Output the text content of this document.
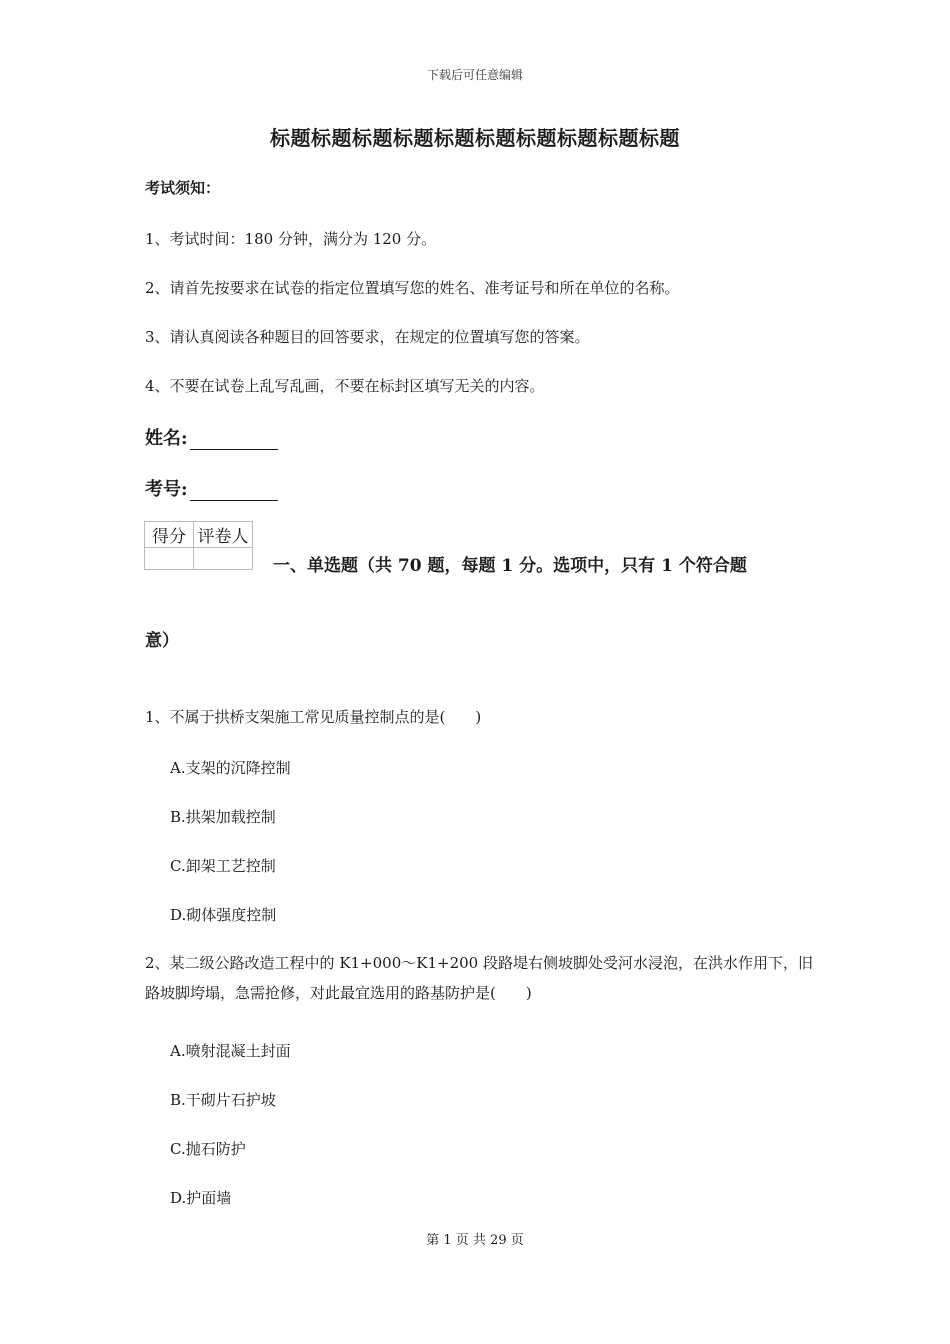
下载后可任意编辑
标题标题标题标题标题标题标题标题标题标题
考试须知：
1、考试时间：180 分钟，满分为 120 分。
2、请首先按要求在试卷的指定位置填写您的姓名、准考证号和所在单位的名称。
3、请认真阅读各种题目的回答要求，在规定的位置填写您的答案。
4、不要在试卷上乱写乱画，不要在标封区填写无关的内容。
姓名:
考号:
得分	评卷人

一、单选题（共 70 题，每题 1 分。选项中，只有 1 个符合题
意）
1、不属于拱桥支架施工常见质量控制点的是(　　)
A.支架的沉降控制
B.拱架加载控制
C.卸架工艺控制
D.砌体强度控制
2、某二级公路改造工程中的 K1+000～K1+200 段路堤右侧坡脚处受河水浸泡，在洪水作用下，旧路坡脚垮塌，急需抢修，对此最宜选用的路基防护是(　　)
A.喷射混凝土封面
B.干砌片石护坡
C.抛石防护
D.护面墙
第 1 页 共 29 页
